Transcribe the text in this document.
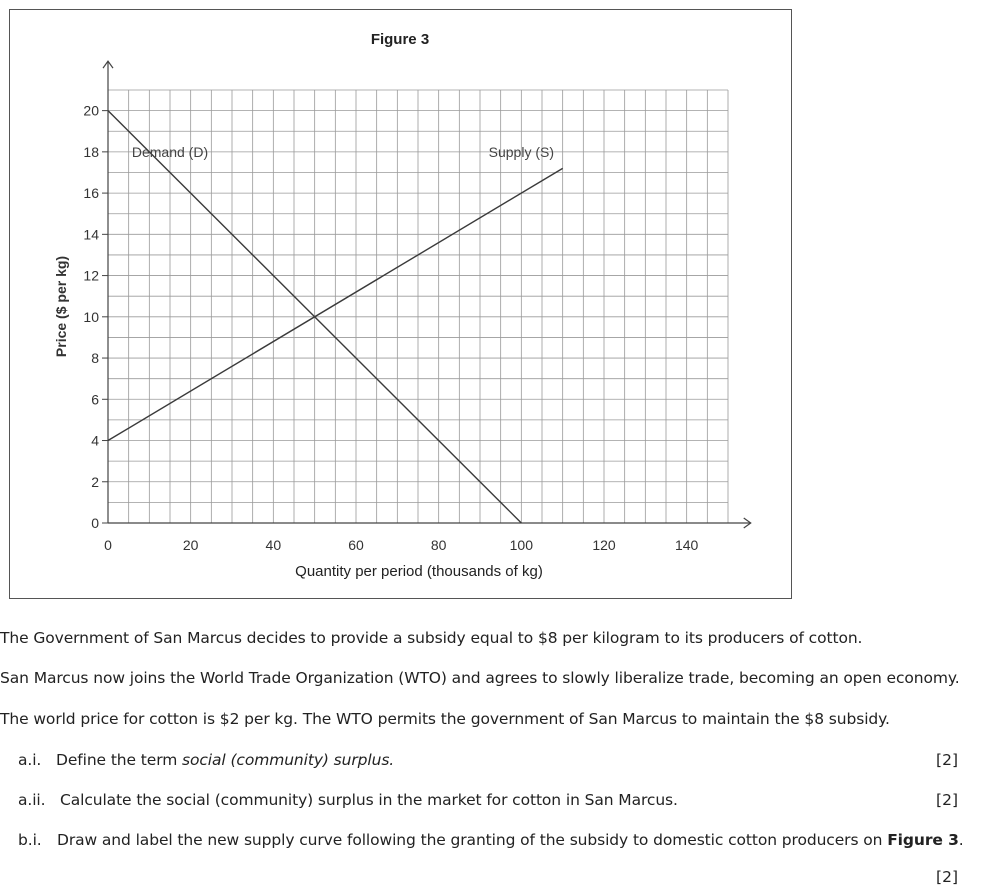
0
2
4
6
8
10
12
14
16
18
20
0	20	40	60	80	100	120	140
Figure 3
Quantity per period (thousands of kg)
Price ($ per kg)
Demand (D)	Supply (S)
The Government of San Marcus decides to provide a subsidy equal to $8 per kilogram to its producers of cotton.
San Marcus now joins the World Trade Organization (WTO) and agrees to slowly liberalize trade, becoming an open economy.
The world price for cotton is $2 per kg. The WTO permits the government of San Marcus to maintain the $8 subsidy.
a.i. Define the term social (community) surplus.	[2]
a.ii. Calculate the social (community) surplus in the market for cotton in San Marcus.	[2]
b.i. Draw and label the new supply curve following the granting of the subsidy to domestic cotton producers on Figure 3.
[2]
